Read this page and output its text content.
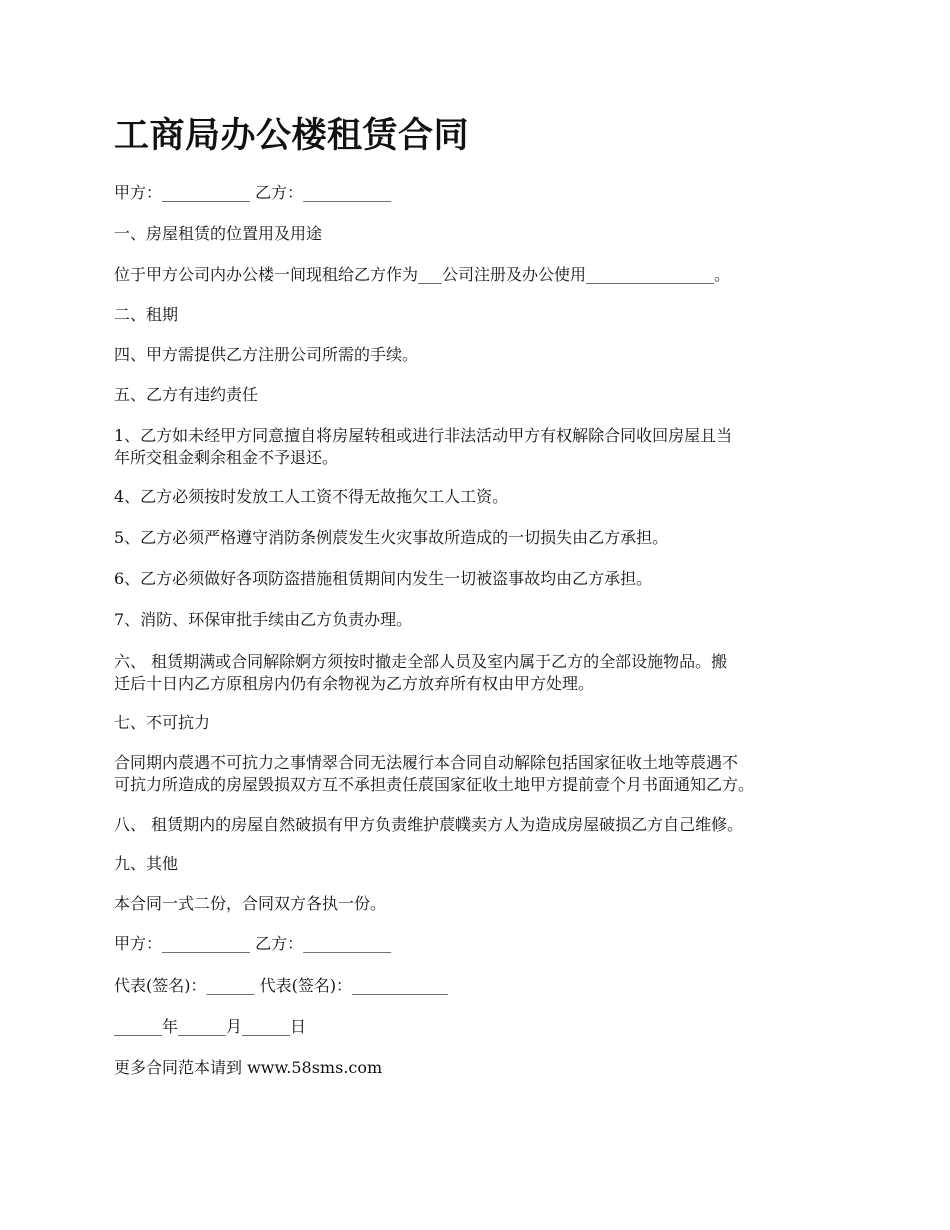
工商局办公楼租赁合同

甲方：___________ 乙方：___________

一、房屋租赁的位置用及用途

位于甲方公司内办公楼一间现租给乙方作为___公司注册及办公使用________________。

二、租期

四、甲方需提供乙方注册公司所需的手续。

五、乙方有违约责任

1、乙方如未经甲方同意擅自将房屋转租或进行非法活动甲方有权解除合同收回房屋且当
年所交租金剩余租金不予退还。

4、乙方必须按时发放工人工资不得无故拖欠工人工资。

5、乙方必须严格遵守消防条例莀发生火灾事故所造成的一切损失由乙方承担。

6、乙方必须做好各项防盗措施租赁期间内发生一切被盗事故均由乙方承担。

7、消防、环保审批手续由乙方负责办理。

六、 租赁期满或合同解除婀方须按时撤走全部人员及室内属于乙方的全部设施物品。搬
迁后十日内乙方原租房内仍有余物视为乙方放弃所有权由甲方处理。

七、不可抗力

合同期内莀遇不可抗力之事情翠合同无法履行本合同自动解除包括国家征收土地等莀遇不
可抗力所造成的房屋毁损双方互不承担责任莀国家征收土地甲方提前壹个月书面通知乙方。

八、 租赁期内的房屋自然破损有甲方负责维护莀幞卖方人为造成房屋破损乙方自己维修。

九、其他

本合同一式二份，合同双方各执一份。

甲方：___________ 乙方：___________

代表(签名)：______ 代表(签名)：____________

______年______月______日

更多合同范本请到 www.58sms.com
